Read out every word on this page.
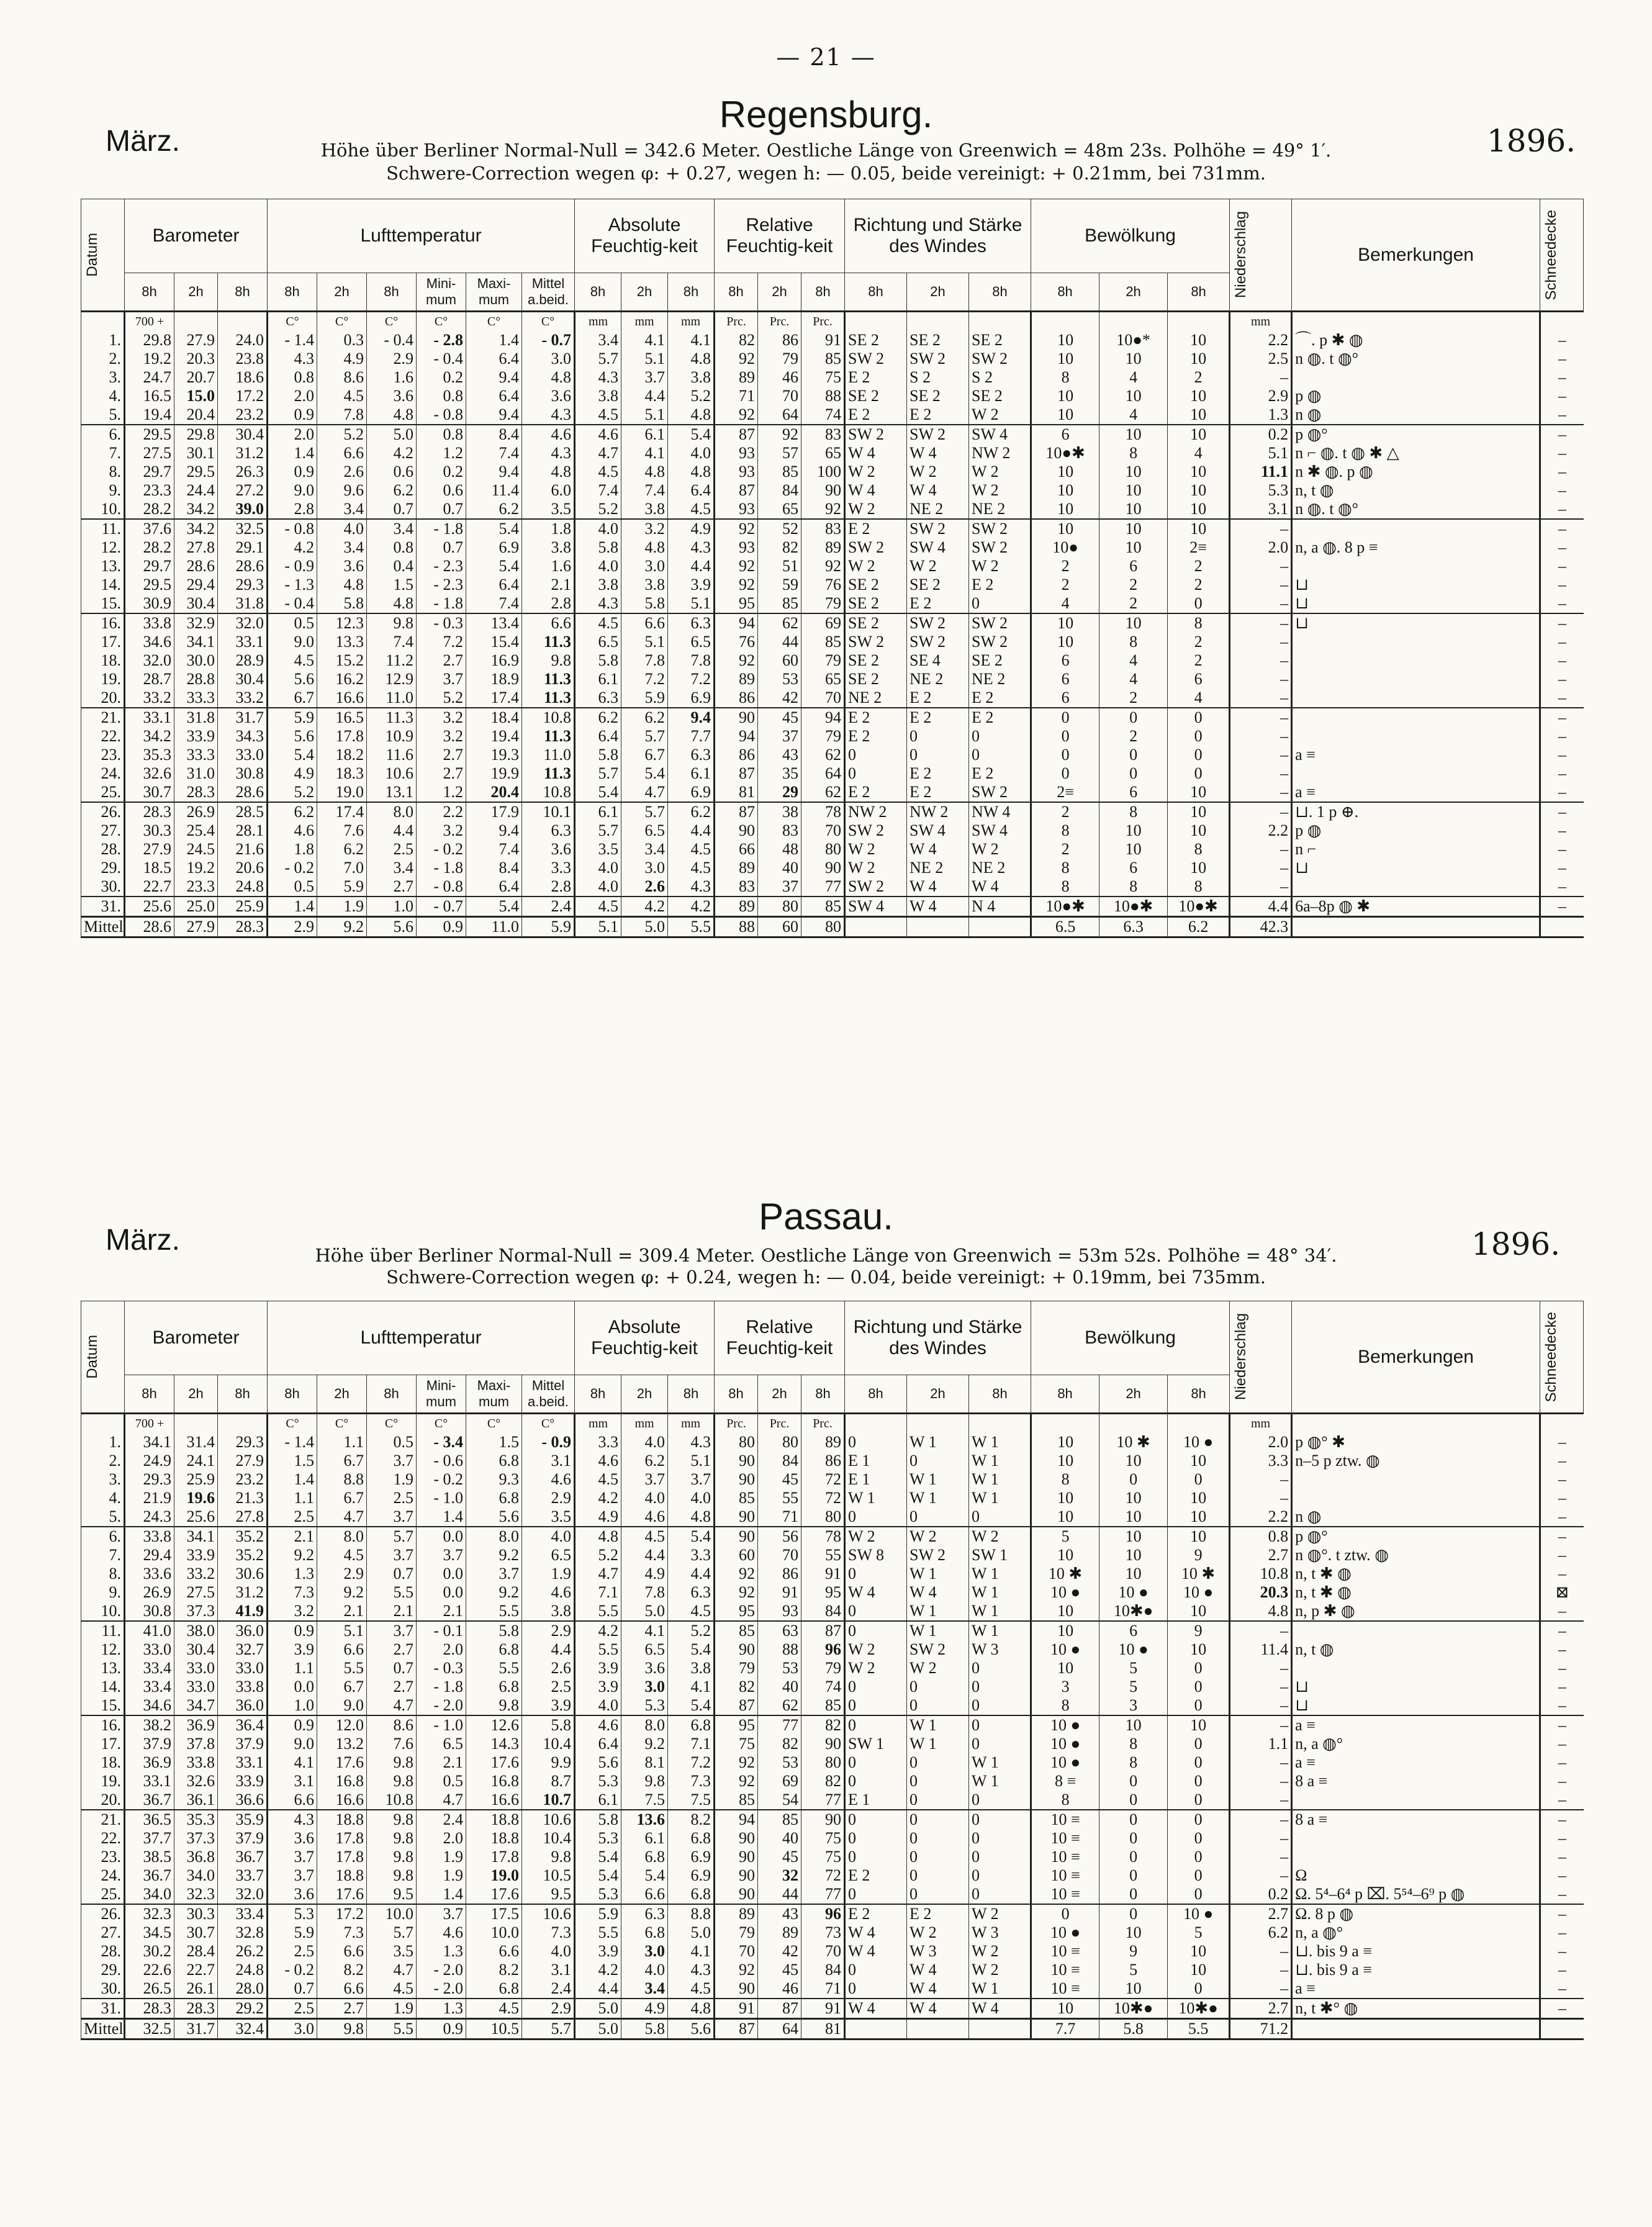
— 21 —
Regensburg.
März.	1896.
Höhe über Berliner Normal-Null = 342.6 Meter. Oestliche Länge von Greenwich = 48m 23s. Polhöhe = 49° 1′.
Schwere-Correction wegen φ: + 0.27, wegen h: — 0.05, beide vereinigt: + 0.21mm, bei 731mm.
Datum	Barometer			Lufttemperatur						Absolute Feuchtig-keit			Relative Feuchtig-keit			Richtung und Stärke des Windes			Bewölkung			Niederschlag	Bemerkungen	Schneedecke

	8h	2h	8h	8h	2h	8h	Mini-mum	Maxi-mum	Mittel a.beid.	8h	2h	8h	8h	2h	8h	8h	2h	8h	8h	2h	8h			
	700 +			C°	C°	C°	C°	C°	C°	mm	mm	mm	Prc.	Prc.	Prc.							mm		
1.	29.8	27.9	24.0	- 1.4	0.3	- 0.4	- 2.8	1.4	- 0.7	3.4	4.1	4.1	82	86	91	SE 2	SE 2	SE 2	10	10●*	10	2.2	⌒. p ✱ ◍	–
2.	19.2	20.3	23.8	4.3	4.9	2.9	- 0.4	6.4	3.0	5.7	5.1	4.8	92	79	85	SW 2	SW 2	SW 2	10	10	10	2.5	n ◍. t ◍°	–
3.	24.7	20.7	18.6	0.8	8.6	1.6	0.2	9.4	4.8	4.3	3.7	3.8	89	46	75	E 2	S 2	S 2	8	4	2	–		–
4.	16.5	15.0	17.2	2.0	4.5	3.6	0.8	6.4	3.6	3.8	4.4	5.2	71	70	88	SE 2	SE 2	SE 2	10	10	10	2.9	p ◍	–
5.	19.4	20.4	23.2	0.9	7.8	4.8	- 0.8	9.4	4.3	4.5	5.1	4.8	92	64	74	E 2	E 2	W 2	10	4	10	1.3	n ◍	–
6.	29.5	29.8	30.4	2.0	5.2	5.0	0.8	8.4	4.6	4.6	6.1	5.4	87	92	83	SW 2	SW 2	SW 4	6	10	10	0.2	p ◍°	–
7.	27.5	30.1	31.2	1.4	6.6	4.2	1.2	7.4	4.3	4.7	4.1	4.0	93	57	65	W 4	W 4	NW 2	10●✱	8	4	5.1	n ⌐ ◍. t ◍ ✱ △	–
8.	29.7	29.5	26.3	0.9	2.6	0.6	0.2	9.4	4.8	4.5	4.8	4.8	93	85	100	W 2	W 2	W 2	10	10	10	11.1	n ✱ ◍. p ◍	–
9.	23.3	24.4	27.2	9.0	9.6	6.2	0.6	11.4	6.0	7.4	7.4	6.4	87	84	90	W 4	W 4	W 2	10	10	10	5.3	n, t ◍	–
10.	28.2	34.2	39.0	2.8	3.4	0.7	0.7	6.2	3.5	5.2	3.8	4.5	93	65	92	W 2	NE 2	NE 2	10	10	10	3.1	n ◍. t ◍°	–
11.	37.6	34.2	32.5	- 0.8	4.0	3.4	- 1.8	5.4	1.8	4.0	3.2	4.9	92	52	83	E 2	SW 2	SW 2	10	10	10	–		–
12.	28.2	27.8	29.1	4.2	3.4	0.8	0.7	6.9	3.8	5.8	4.8	4.3	93	82	89	SW 2	SW 4	SW 2	10●	10	2≡	2.0	n, a ◍. 8 p ≡	–
13.	29.7	28.6	28.6	- 0.9	3.6	0.4	- 2.3	5.4	1.6	4.0	3.0	4.4	92	51	92	W 2	W 2	W 2	2	6	2	–		–
14.	29.5	29.4	29.3	- 1.3	4.8	1.5	- 2.3	6.4	2.1	3.8	3.8	3.9	92	59	76	SE 2	SE 2	E 2	2	2	2	–	⊔	–
15.	30.9	30.4	31.8	- 0.4	5.8	4.8	- 1.8	7.4	2.8	4.3	5.8	5.1	95	85	79	SE 2	E 2	0	4	2	0	–	⊔	–
16.	33.8	32.9	32.0	0.5	12.3	9.8	- 0.3	13.4	6.6	4.5	6.6	6.3	94	62	69	SE 2	SW 2	SW 2	10	10	8	–	⊔	–
17.	34.6	34.1	33.1	9.0	13.3	7.4	7.2	15.4	11.3	6.5	5.1	6.5	76	44	85	SW 2	SW 2	SW 2	10	8	2	–		–
18.	32.0	30.0	28.9	4.5	15.2	11.2	2.7	16.9	9.8	5.8	7.8	7.8	92	60	79	SE 2	SE 4	SE 2	6	4	2	–		–
19.	28.7	28.8	30.4	5.6	16.2	12.9	3.7	18.9	11.3	6.1	7.2	7.2	89	53	65	SE 2	NE 2	NE 2	6	4	6	–		–
20.	33.2	33.3	33.2	6.7	16.6	11.0	5.2	17.4	11.3	6.3	5.9	6.9	86	42	70	NE 2	E 2	E 2	6	2	4	–		–
21.	33.1	31.8	31.7	5.9	16.5	11.3	3.2	18.4	10.8	6.2	6.2	9.4	90	45	94	E 2	E 2	E 2	0	0	0	–		–
22.	34.2	33.9	34.3	5.6	17.8	10.9	3.2	19.4	11.3	6.4	5.7	7.7	94	37	79	E 2	0	0	0	2	0	–		–
23.	35.3	33.3	33.0	5.4	18.2	11.6	2.7	19.3	11.0	5.8	6.7	6.3	86	43	62	0	0	0	0	0	0	–	a ≡	–
24.	32.6	31.0	30.8	4.9	18.3	10.6	2.7	19.9	11.3	5.7	5.4	6.1	87	35	64	0	E 2	E 2	0	0	0	–		–
25.	30.7	28.3	28.6	5.2	19.0	13.1	1.2	20.4	10.8	5.4	4.7	6.9	81	29	62	E 2	E 2	SW 2	2≡	6	10	–	a ≡	–
26.	28.3	26.9	28.5	6.2	17.4	8.0	2.2	17.9	10.1	6.1	5.7	6.2	87	38	78	NW 2	NW 2	NW 4	2	8	10	–	⊔. 1 p ⊕.	–
27.	30.3	25.4	28.1	4.6	7.6	4.4	3.2	9.4	6.3	5.7	6.5	4.4	90	83	70	SW 2	SW 4	SW 4	8	10	10	2.2	p ◍	–
28.	27.9	24.5	21.6	1.8	6.2	2.5	- 0.2	7.4	3.6	3.5	3.4	4.5	66	48	80	W 2	W 4	W 2	2	10	8	–	n ⌐	–
29.	18.5	19.2	20.6	- 0.2	7.0	3.4	- 1.8	8.4	3.3	4.0	3.0	4.5	89	40	90	W 2	NE 2	NE 2	8	6	10	–	⊔	–
30.	22.7	23.3	24.8	0.5	5.9	2.7	- 0.8	6.4	2.8	4.0	2.6	4.3	83	37	77	SW 2	W 4	W 4	8	8	8	–		–
31.	25.6	25.0	25.9	1.4	1.9	1.0	- 0.7	5.4	2.4	4.5	4.2	4.2	89	80	85	SW 4	W 4	N 4	10●✱	10●✱	10●✱	4.4	6a–8p ◍ ✱	–
Mittel	28.6	27.9	28.3	2.9	9.2	5.6	0.9	11.0	5.9	5.1	5.0	5.5	88	60	80				6.5	6.3	6.2	42.3		
Passau.
März.	1896.
Höhe über Berliner Normal-Null = 309.4 Meter. Oestliche Länge von Greenwich = 53m 52s. Polhöhe = 48° 34′.
Schwere-Correction wegen φ: + 0.24, wegen h: — 0.04, beide vereinigt: + 0.19mm, bei 735mm.
Datum	Barometer			Lufttemperatur						Absolute Feuchtig-keit			Relative Feuchtig-keit			Richtung und Stärke des Windes			Bewölkung			Niederschlag	Bemerkungen	Schneedecke

	8h	2h	8h	8h	2h	8h	Mini-mum	Maxi-mum	Mittel a.beid.	8h	2h	8h	8h	2h	8h	8h	2h	8h	8h	2h	8h			
	700 +			C°	C°	C°	C°	C°	C°	mm	mm	mm	Prc.	Prc.	Prc.							mm		
1.	34.1	31.4	29.3	- 1.4	1.1	0.5	- 3.4	1.5	- 0.9	3.3	4.0	4.3	80	80	89	0	W 1	W 1	10	10 ✱	10 ●	2.0	p ◍° ✱	–
2.	24.9	24.1	27.9	1.5	6.7	3.7	- 0.6	6.8	3.1	4.6	6.2	5.1	90	84	86	E 1	0	W 1	10	10	10	3.3	n–5 p ztw. ◍	–
3.	29.3	25.9	23.2	1.4	8.8	1.9	- 0.2	9.3	4.6	4.5	3.7	3.7	90	45	72	E 1	W 1	W 1	8	0	0	–		–
4.	21.9	19.6	21.3	1.1	6.7	2.5	- 1.0	6.8	2.9	4.2	4.0	4.0	85	55	72	W 1	W 1	W 1	10	10	10	–		–
5.	24.3	25.6	27.8	2.5	4.7	3.7	1.4	5.6	3.5	4.9	4.6	4.8	90	71	80	0	0	0	10	10	10	2.2	n ◍	–
6.	33.8	34.1	35.2	2.1	8.0	5.7	0.0	8.0	4.0	4.8	4.5	5.4	90	56	78	W 2	W 2	W 2	5	10	10	0.8	p ◍°	–
7.	29.4	33.9	35.2	9.2	4.5	3.7	3.7	9.2	6.5	5.2	4.4	3.3	60	70	55	SW 8	SW 2	SW 1	10	10	9	2.7	n ◍°. t ztw. ◍	–
8.	33.6	33.2	30.6	1.3	2.9	0.7	0.0	3.7	1.9	4.7	4.9	4.4	92	86	91	0	W 1	W 1	10 ✱	10	10 ✱	10.8	n, t ✱ ◍	–
9.	26.9	27.5	31.2	7.3	9.2	5.5	0.0	9.2	4.6	7.1	7.8	6.3	92	91	95	W 4	W 4	W 1	10 ●	10 ●	10 ●	20.3	n, t ✱ ◍	⊠
10.	30.8	37.3	41.9	3.2	2.1	2.1	2.1	5.5	3.8	5.5	5.0	4.5	95	93	84	0	W 1	W 1	10	10✱●	10	4.8	n, p ✱ ◍	–
11.	41.0	38.0	36.0	0.9	5.1	3.7	- 0.1	5.8	2.9	4.2	4.1	5.2	85	63	87	0	W 1	W 1	10	6	9	–		–
12.	33.0	30.4	32.7	3.9	6.6	2.7	2.0	6.8	4.4	5.5	6.5	5.4	90	88	96	W 2	SW 2	W 3	10 ●	10 ●	10	11.4	n, t ◍	–
13.	33.4	33.0	33.0	1.1	5.5	0.7	- 0.3	5.5	2.6	3.9	3.6	3.8	79	53	79	W 2	W 2	0	10	5	0	–		–
14.	33.4	33.0	33.8	0.0	6.7	2.7	- 1.8	6.8	2.5	3.9	3.0	4.1	82	40	74	0	0	0	3	5	0	–	⊔	–
15.	34.6	34.7	36.0	1.0	9.0	4.7	- 2.0	9.8	3.9	4.0	5.3	5.4	87	62	85	0	0	0	8	3	0	–	⊔	–
16.	38.2	36.9	36.4	0.9	12.0	8.6	- 1.0	12.6	5.8	4.6	8.0	6.8	95	77	82	0	W 1	0	10 ●	10	10	–	a ≡	–
17.	37.9	37.8	37.9	9.0	13.2	7.6	6.5	14.3	10.4	6.4	9.2	7.1	75	82	90	SW 1	W 1	0	10 ●	8	0	1.1	n, a ◍°	–
18.	36.9	33.8	33.1	4.1	17.6	9.8	2.1	17.6	9.9	5.6	8.1	7.2	92	53	80	0	0	W 1	10 ●	8	0	–	a ≡	–
19.	33.1	32.6	33.9	3.1	16.8	9.8	0.5	16.8	8.7	5.3	9.8	7.3	92	69	82	0	0	W 1	8 ≡	0	0	–	8 a ≡	–
20.	36.7	36.1	36.6	6.6	16.6	10.8	4.7	16.6	10.7	6.1	7.5	7.5	85	54	77	E 1	0	0	8	0	0	–		–
21.	36.5	35.3	35.9	4.3	18.8	9.8	2.4	18.8	10.6	5.8	13.6	8.2	94	85	90	0	0	0	10 ≡	0	0	–	8 a ≡	–
22.	37.7	37.3	37.9	3.6	17.8	9.8	2.0	18.8	10.4	5.3	6.1	6.8	90	40	75	0	0	0	10 ≡	0	0	–		–
23.	38.5	36.8	36.7	3.7	17.8	9.8	1.9	17.8	9.8	5.4	6.8	6.9	90	45	75	0	0	0	10 ≡	0	0	–		–
24.	36.7	34.0	33.7	3.7	18.8	9.8	1.9	19.0	10.5	5.4	5.4	6.9	90	32	72	E 2	0	0	10 ≡	0	0	–	Ω	–
25.	34.0	32.3	32.0	3.6	17.6	9.5	1.4	17.6	9.5	5.3	6.6	6.8	90	44	77	0	0	0	10 ≡	0	0	0.2	Ω. 5⁴–6⁴ p ⌧. 5⁵⁴–6⁹ p ◍	–
26.	32.3	30.3	33.4	5.3	17.2	10.0	3.7	17.5	10.6	5.9	6.3	8.8	89	43	96	E 2	E 2	W 2	0	0	10 ●	2.7	Ω. 8 p ◍	–
27.	34.5	30.7	32.8	5.9	7.3	5.7	4.6	10.0	7.3	5.5	6.8	5.0	79	89	73	W 4	W 2	W 3	10 ●	10	5	6.2	n, a ◍°	–
28.	30.2	28.4	26.2	2.5	6.6	3.5	1.3	6.6	4.0	3.9	3.0	4.1	70	42	70	W 4	W 3	W 2	10 ≡	9	10	–	⊔. bis 9 a ≡	–
29.	22.6	22.7	24.8	- 0.2	8.2	4.7	- 2.0	8.2	3.1	4.2	4.0	4.3	92	45	84	0	W 4	W 2	10 ≡	5	10	–	⊔. bis 9 a ≡	–
30.	26.5	26.1	28.0	0.7	6.6	4.5	- 2.0	6.8	2.4	4.4	3.4	4.5	90	46	71	0	W 4	W 1	10 ≡	10	0	–	a ≡	–
31.	28.3	28.3	29.2	2.5	2.7	1.9	1.3	4.5	2.9	5.0	4.9	4.8	91	87	91	W 4	W 4	W 4	10	10✱●	10✱●	2.7	n, t ✱° ◍	–
Mittel	32.5	31.7	32.4	3.0	9.8	5.5	0.9	10.5	5.7	5.0	5.8	5.6	87	64	81				7.7	5.8	5.5	71.2		
